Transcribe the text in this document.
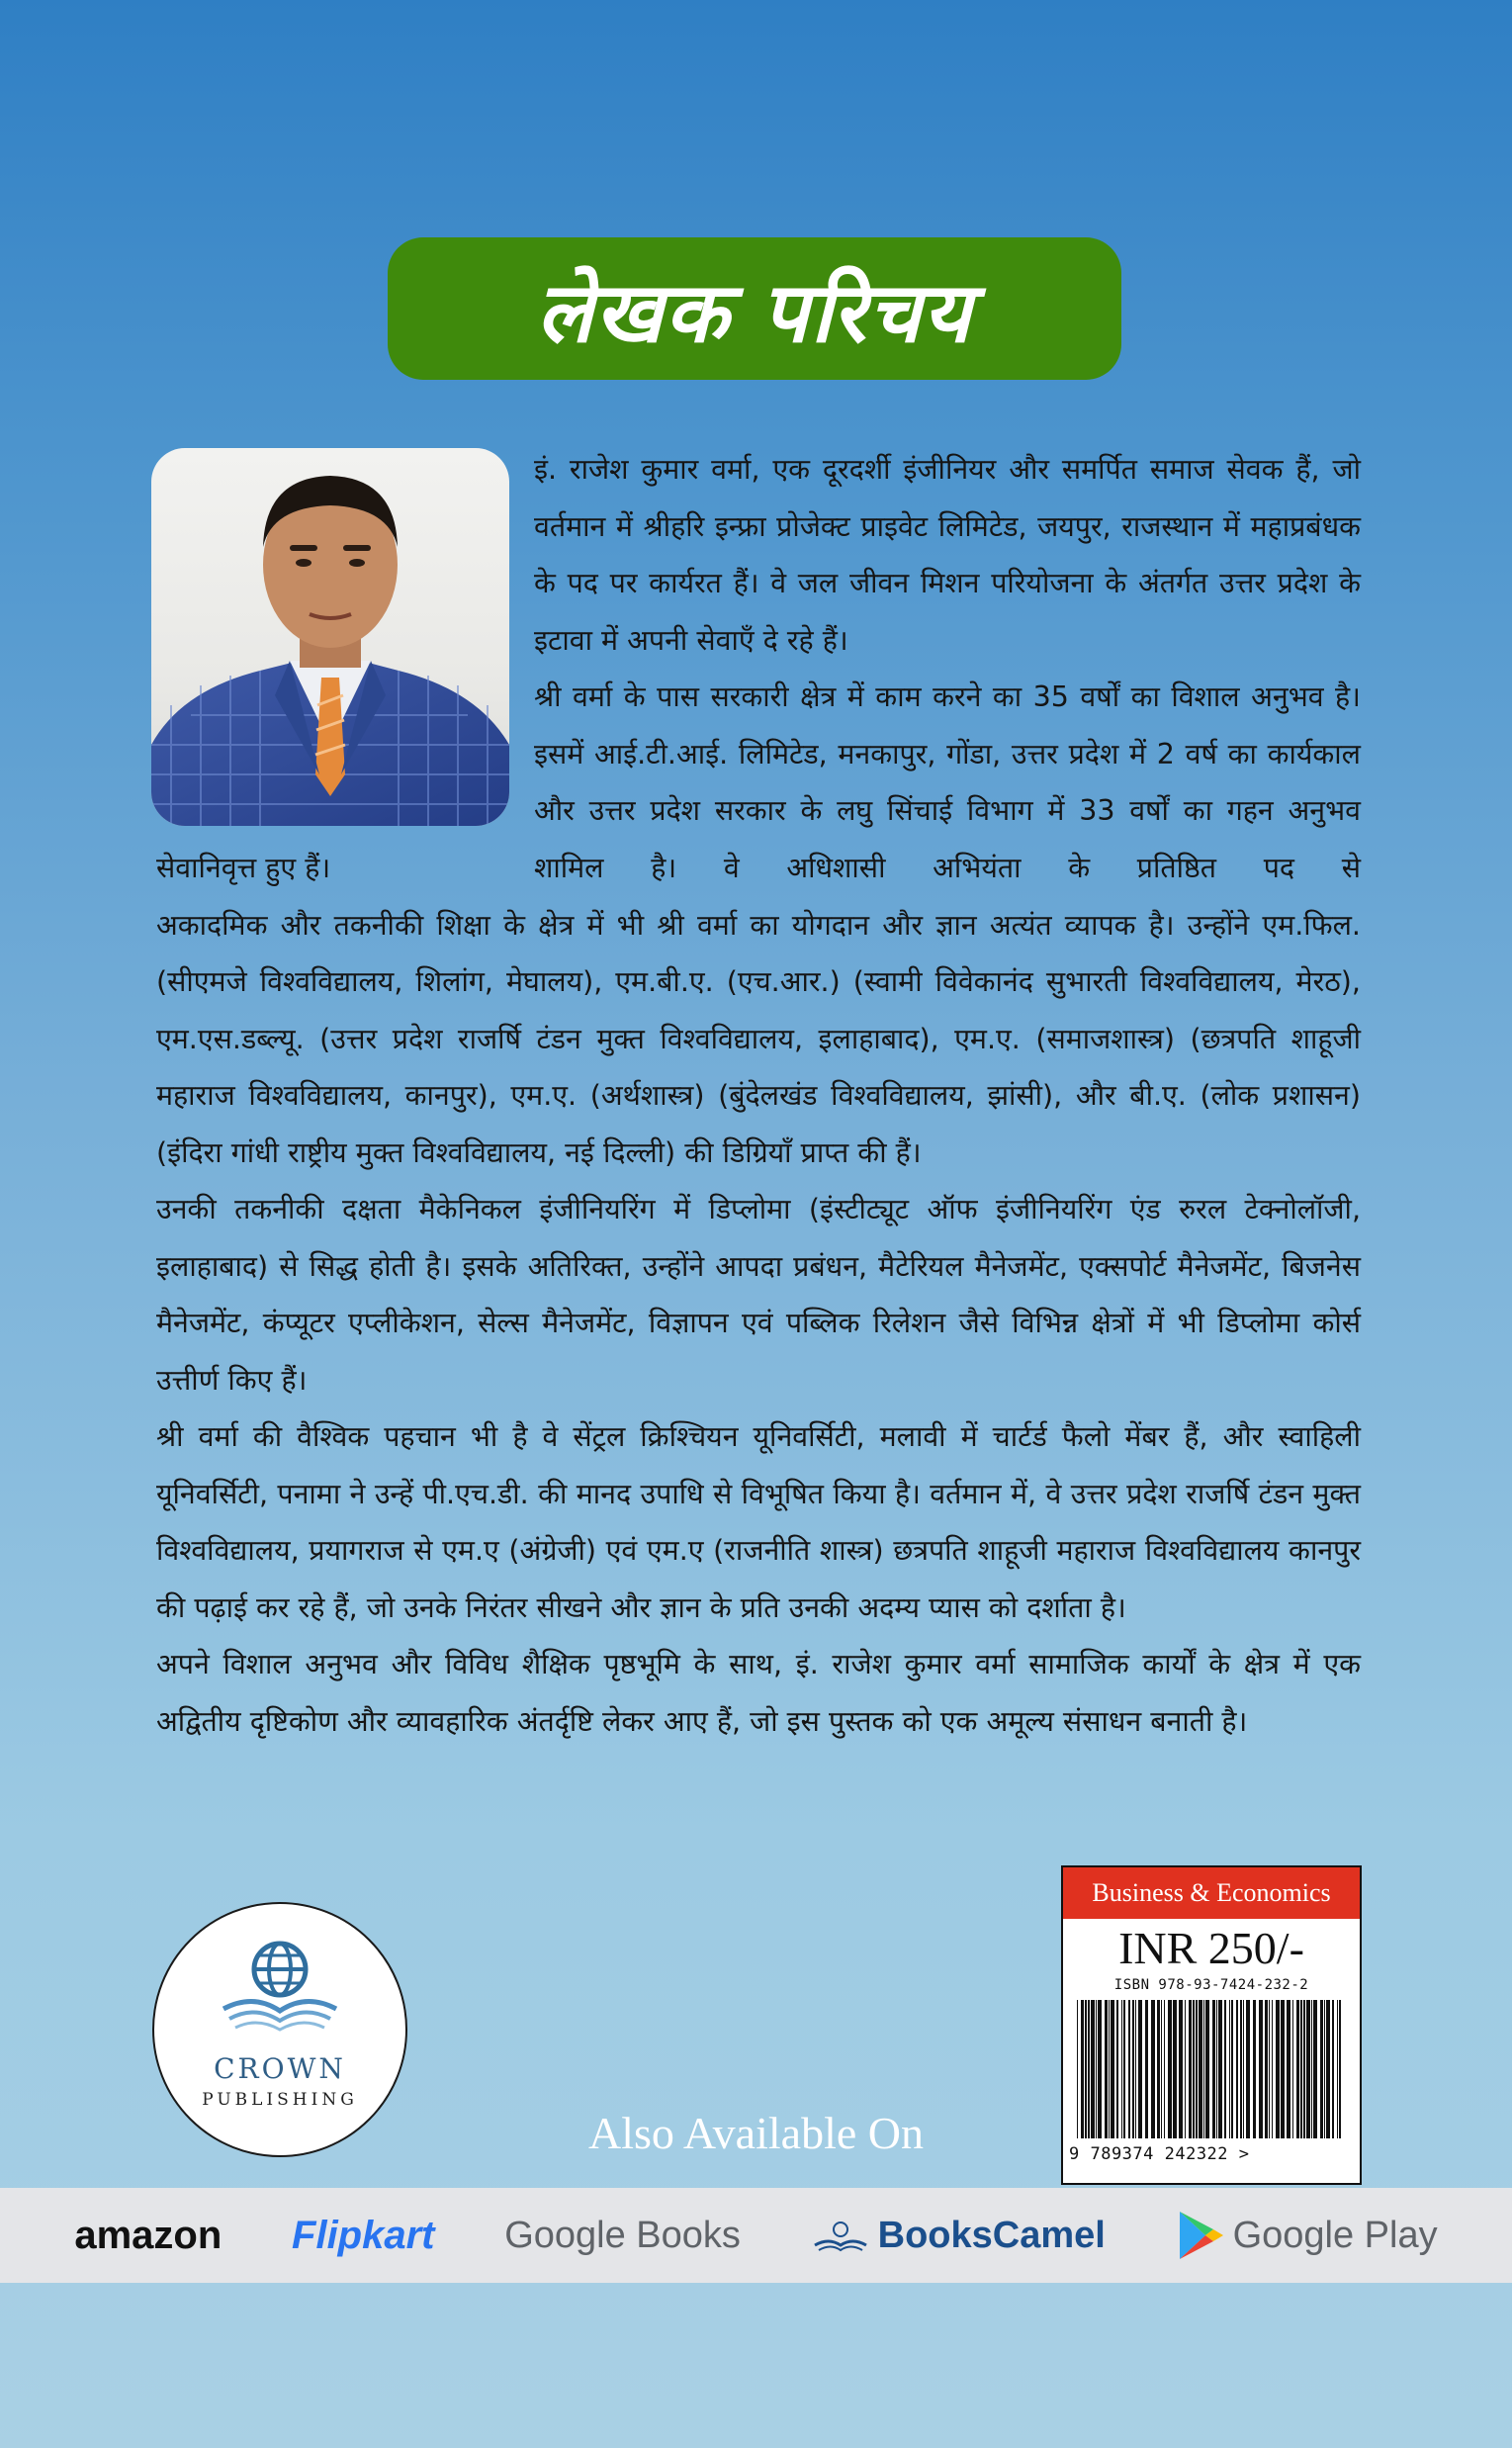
लेखक परिचय

इं. राजेश कुमार वर्मा, एक दूरदर्शी इंजीनियर और समर्पित समाज सेवक हैं, जो वर्तमान में श्रीहरि इन्फ्रा प्रोजेक्ट प्राइवेट लिमिटेड, जयपुर, राजस्थान में महाप्रबंधक के पद पर कार्यरत हैं। वे जल जीवन मिशन परियोजना के अंतर्गत उत्तर प्रदेश के इटावा में अपनी सेवाएँ दे रहे हैं।

श्री वर्मा के पास सरकारी क्षेत्र में काम करने का 35 वर्षों का विशाल अनुभव है। इसमें आई.टी.आई. लिमिटेड, मनकापुर, गोंडा, उत्तर प्रदेश में 2 वर्ष का कार्यकाल और उत्तर प्रदेश सरकार के लघु सिंचाई विभाग में 33 वर्षों का गहन अनुभव शामिल है। वे अधिशासी अभियंता के प्रतिष्ठित पद से

सेवानिवृत्त हुए हैं।

अकादमिक और तकनीकी शिक्षा के क्षेत्र में भी श्री वर्मा का योगदान और ज्ञान अत्यंत व्यापक है। उन्होंने एम.फिल. (सीएमजे विश्वविद्यालय, शिलांग, मेघालय), एम.बी.ए. (एच.आर.) (स्वामी विवेकानंद सुभारती विश्वविद्यालय, मेरठ), एम.एस.डब्ल्यू. (उत्तर प्रदेश राजर्षि टंडन मुक्त विश्वविद्यालय, इलाहाबाद), एम.ए. (समाजशास्त्र) (छत्रपति शाहूजी महाराज विश्वविद्यालय, कानपुर), एम.ए. (अर्थशास्त्र) (बुंदेलखंड विश्वविद्यालय, झांसी), और बी.ए. (लोक प्रशासन) (इंदिरा गांधी राष्ट्रीय मुक्त विश्वविद्यालय, नई दिल्ली) की डिग्रियाँ प्राप्त की हैं।

उनकी तकनीकी दक्षता मैकेनिकल इंजीनियरिंग में डिप्लोमा (इंस्टीट्यूट ऑफ इंजीनियरिंग एंड रुरल टेक्नोलॉजी, इलाहाबाद) से सिद्ध होती है। इसके अतिरिक्त, उन्होंने आपदा प्रबंधन, मैटेरियल मैनेजमेंट, एक्सपोर्ट मैनेजमेंट, बिजनेस मैनेजमेंट, कंप्यूटर एप्लीकेशन, सेल्स मैनेजमेंट, विज्ञापन एवं पब्लिक रिलेशन जैसे विभिन्न क्षेत्रों में भी डिप्लोमा कोर्स उत्तीर्ण किए हैं।

श्री वर्मा की वैश्विक पहचान भी है वे सेंट्रल क्रिश्चियन यूनिवर्सिटी, मलावी में चार्टर्ड फैलो मेंबर हैं, और स्वाहिली यूनिवर्सिटी, पनामा ने उन्हें पी.एच.डी. की मानद उपाधि से विभूषित किया है। वर्तमान में, वे उत्तर प्रदेश राजर्षि टंडन मुक्त विश्वविद्यालय, प्रयागराज से एम.ए (अंग्रेजी) एवं एम.ए (राजनीति शास्त्र) छत्रपति शाहूजी महाराज विश्वविद्यालय कानपुर की पढ़ाई कर रहे हैं, जो उनके निरंतर सीखने और ज्ञान के प्रति उनकी अदम्य प्यास को दर्शाता है।

अपने विशाल अनुभव और विविध शैक्षिक पृष्ठभूमि के साथ, इं. राजेश कुमार वर्मा सामाजिक कार्यों के क्षेत्र में एक अद्वितीय दृष्टिकोण और व्यावहारिक अंतर्दृष्टि लेकर आए हैं, जो इस पुस्तक को एक अमूल्य संसाधन बनाती है।

CROWN
PUBLISHING
Also Available On
Business & Economics
INR 250/-
ISBN 978-93-7424-232-2
9 789374 242322 >
amazon Flipkart Google Books	BooksCamel	Google Play
